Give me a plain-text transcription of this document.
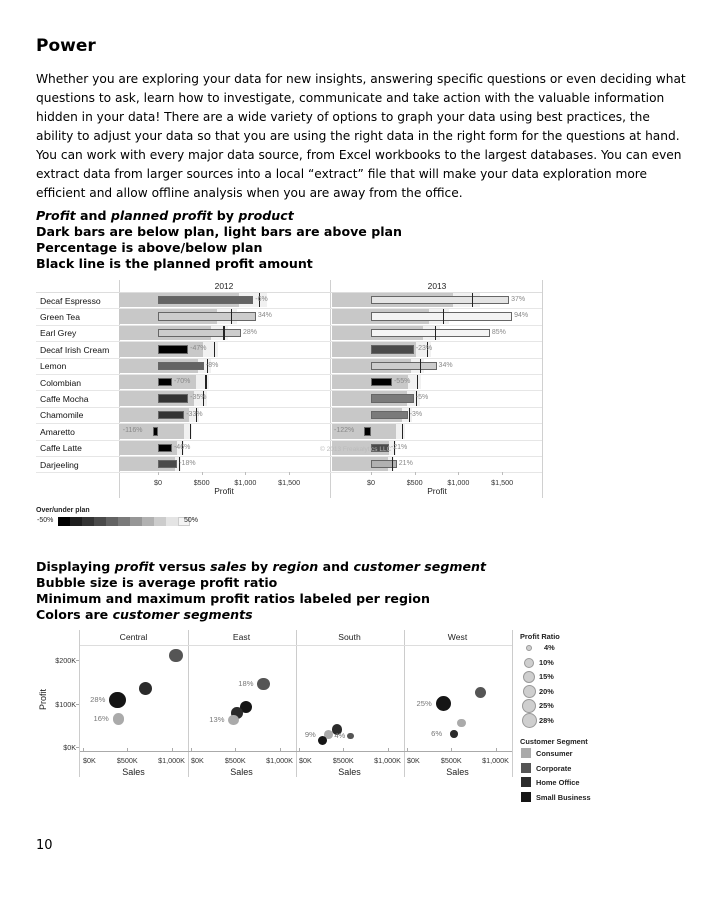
Power
Whether you are exploring your data for new insights, answering specific questions or even deciding what questions to ask, learn how to investigate, communicate and take action with the valuable information hidden in your data! There are a wide variety of options to graph your data using best practices, the ability to adjust your data so that you are using the right data in the right form for the questions at hand. You can work with every major data source, from Excel workbooks to the largest databases. You can even extract data from larger sources into a local “extract” file that will make your data exploration more efficient and allow offline analysis when you are away from the office.
Profit and planned profit by product
Dark bars are below plan, light bars are above plan
Percentage is above/below plan
Black line is the planned profit amount
2012	2013
Decaf Espresso	-6%	37%
Green Tea	34%	94%
Earl Grey	28%	85%
Decaf Irish Cream	-47%	-23%
Lemon	-8%	34%
Colombian	-70%	-55%
Caffe Mocha	-35%	-5%
Chamomile	-33%	-3%
Amaretto	-116%	-122%
Caffe Latte	-46%	-21%
Darjeeling	-18%	21%
$0	$500	$1,000	$1,500
Profit
$0	$500	$1,000	$1,500
Profit
© 2013 Freakalytics LLC
Over/under plan
-50%	50%
Displaying profit versus sales by region and customer segment
Bubble size is average profit ratio
Minimum and maximum profit ratios labeled per region
Colors are customer segments
$0K
$100K
$200K
Profit
Central
$0K	$500K	$1,000K
Sales
East
$0K	$500K	$1,000K
Sales
South
$0K	$500K	$1,000K
Sales
West
$0K	$500K	$1,000K
Sales
28%
16%
18%
13%
9% 4%
25%
6%
Profit Ratio
4%
10%
15%
20%
25%
28%
Customer Segment
Consumer
Corporate
Home Office
Small Business
10
